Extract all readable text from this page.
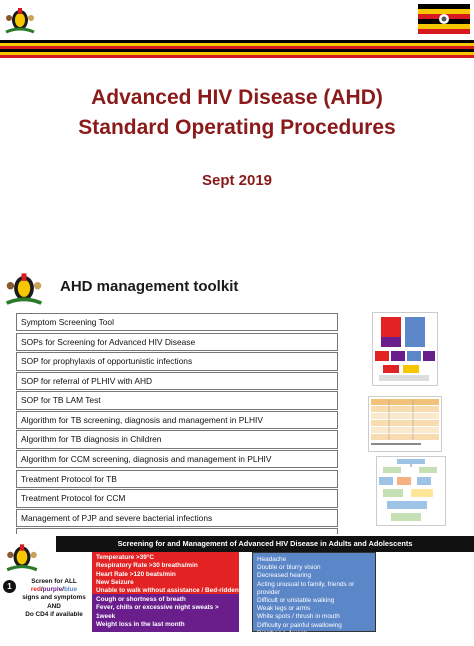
Advanced HIV Disease (AHD)
Standard Operating Procedures
Sept 2019
AHD management toolkit
Symptom Screening Tool
SOPs for Screening for Advanced HIV Disease
SOP for prophylaxis of opportunistic infections
SOP for referral of PLHIV with AHD
SOP for TB LAM Test
Algorithm for TB screening, diagnosis and management in PLHIV
Algorithm for TB diagnosis in Children
Algorithm for CCM screening, diagnosis and management in PLHIV
Treatment Protocol for TB
Treatment Protocol for CCM
Management of PJP and severe bacterial infections
Screening for and Management of Advanced HIV Disease in Adults and Adolescents
1
Screen for ALL
red/purple/blue
signs and symptoms
AND
Do CD4 if available
Temperature >39°C
Respiratory Rate >30 breaths/min
Heart Rate >120 beats/min
New Seizure
Unable to walk without assistance / Bed-ridden
Cough or shortness of breath
Fever, chills or excessive night sweats > 1week
Weight loss in the last month
Headache
Double or blurry vision
Decreased hearing
Acting unusual to family, friends or provider
Difficult or unstable walking
Weak legs or arms
White spots / thrush in mouth
Difficulty or painful swallowing
Diarrhea > 1week
Body sores or skin rashes
